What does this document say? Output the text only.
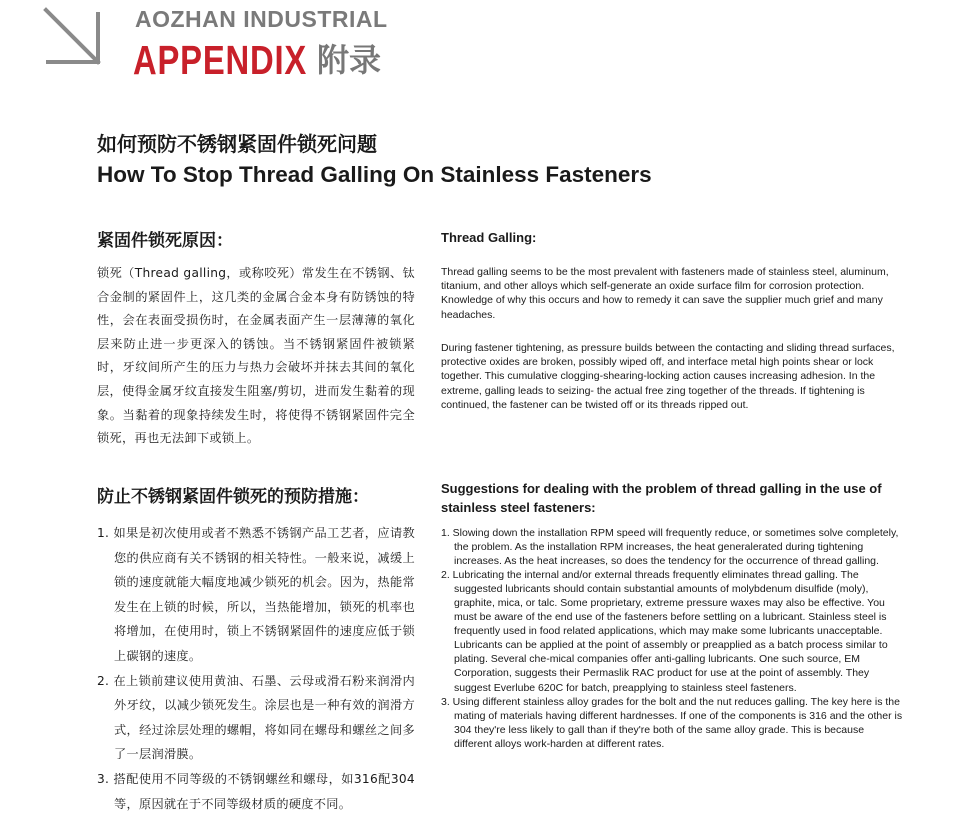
AOZHAN INDUSTRIAL
APPENDIX 附录
如何预防不锈钢紧固件锁死问题
How To Stop Thread Galling On Stainless Fasteners
紧固件锁死原因：

锁死（Thread galling，或称咬死）常发生在不锈钢、钛合金制的紧固件上，这几类的金属合金本身有防锈蚀的特性，会在表面受损伤时，在金属表面产生一层薄薄的氧化层来防止进一步更深入的锈蚀。当不锈钢紧固件被锁紧时，牙纹间所产生的压力与热力会破坏并抹去其间的氧化层，使得金属牙纹直接发生阻塞/剪切，进而发生黏着的现象。当黏着的现象持续发生时，将使得不锈钢紧固件完全锁死，再也无法卸下或锁上。

防止不锈钢紧固件锁死的预防措施：
1. 如果是初次使用或者不熟悉不锈钢产品工艺者，应请教您的供应商有关不锈钢的相关特性。一般来说，减缓上锁的速度就能大幅度地减少锁死的机会。因为，热能常发生在上锁的时候，所以，当热能增加，锁死的机率也将增加，在使用时，锁上不锈钢紧固件的速度应低于锁上碳钢的速度。
2. 在上锁前建议使用黄油、石墨、云母或滑石粉来润滑内外牙纹，以减少锁死发生。涂层也是一种有效的润滑方式，经过涂层处理的螺帽，将如同在螺母和螺丝之间多了一层润滑膜。
3. 搭配使用不同等级的不锈钢螺丝和螺母，如316配304等，原因就在于不同等级材质的硬度不同。
Thread Galling:

Thread galling seems to be the most prevalent with fasteners made of stainless steel, aluminum, titanium, and other alloys which self-generate an oxide surface film for corrosion protection. Knowledge of why this occurs and how to remedy it can save the supplier much grief and many headaches.

During fastener tightening, as pressure builds between the contacting and sliding thread surfaces, protective oxides are broken, possibly wiped off, and interface metal high points shear or lock together. This cumulative clogging-shearing-locking action causes increasing adhesion. In the extreme, galling leads to seizing- the actual free zing together of the threads. If tightening is continued, the fastener can be twisted off or its threads ripped out.

Suggestions for dealing with the problem of thread galling in the use of stainless steel fasteners:
1. Slowing down the installation RPM speed will frequently reduce, or sometimes solve completely, the problem. As the installation RPM increases, the heat generalerated during tightening increases. As the heat increases, so does the tendency for the occurrence of thread galling.
2. Lubricating the internal and/or external threads frequently eliminates thread galling. The suggested lubricants should contain substantial amounts of molybdenum disulfide (moly), graphite, mica, or talc. Some proprietary, extreme pressure waxes may also be effective. You must be aware of the end use of the fasteners before settling on a lubricant. Stainless steel is frequently used in food related applications, which may make some lubricants unacceptable. Lubricants can be applied at the point of assembly or preapplied as a batch process similar to plating. Several che-mical companies offer anti-galling lubricants. One such source, EM Corporation, suggests their Permaslik RAC product for use at the point of assembly. They suggest Everlube 620C for batch, preapplying to stainless steel fasteners.
3. Using different stainless alloy grades for the bolt and the nut reduces galling. The key here is the mating of materials having different hardnesses. If one of the components is 316 and the other is 304 they're less likely to gall than if they're both of the same alloy grade. This is because different alloys work-harden at different rates.
